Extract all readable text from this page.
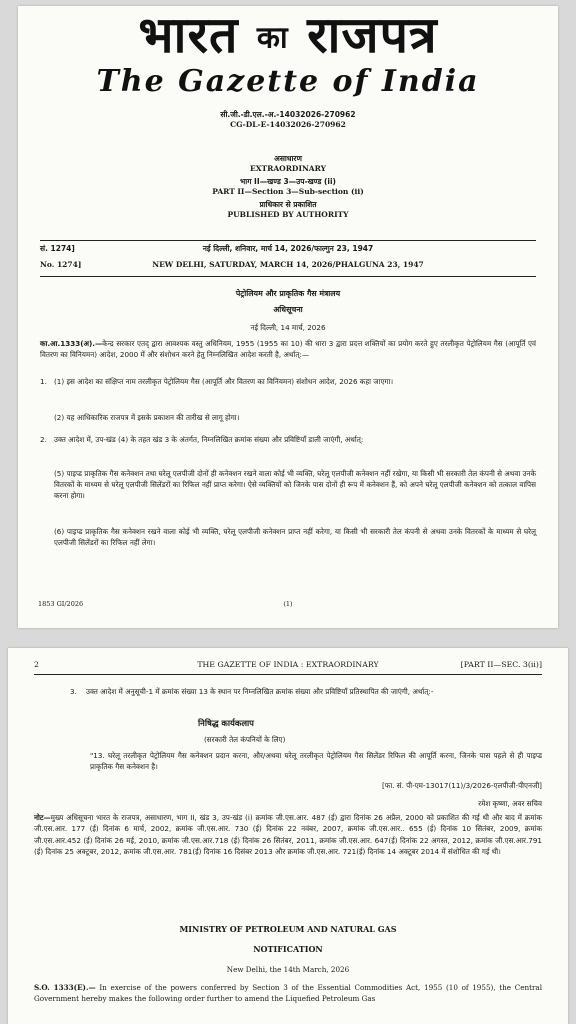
भारत का राजपत्र
The Gazette of India
सी.जी.-डी.एल.-अ.-14032026-270962
CG-DL-E-14032026-270962
असाधारण
EXTRAORDINARY
भाग II—खण्ड 3—उप-खण्ड (ii)
PART II—Section 3—Sub-section (ii)
प्राधिकार से प्रकाशित
PUBLISHED BY AUTHORITY
सं. 1274]	नई दिल्ली, शनिवार, मार्च 14, 2026/फाल्गुन 23, 1947
No. 1274]	NEW DELHI, SATURDAY, MARCH 14, 2026/PHALGUNA 23, 1947
पेट्रोलियम और प्राकृतिक गैस मंत्रालय
अधिसूचना
नई दिल्ली, 14 मार्च, 2026
का.आ.1333(अ).—केन्द्र सरकार एतद् द्वारा आवश्यक वस्तु अधिनियम, 1955 (1955 का 10) की धारा 3 द्वारा प्रदत्त शक्तियों का प्रयोग करते हुए तरलीकृत पेट्रोलियम गैस (आपूर्ति एवं वितरण का विनियमन) आदेश, 2000 में और संशोधन करने हेतु निम्नलिखित आदेश करती है, अर्थात्:—
1. (1) इस आदेश का संक्षिप्त नाम तरलीकृत पेट्रोलियम गैस (आपूर्ति और वितरण का विनियमन) संशोधन आदेश, 2026 कहा जाएगा।
(2) यह आधिकारिक राजपत्र में इसके प्रकाशन की तारीख से लागू होगा।
2. उक्त आदेश में, उप-खंड (4) के तहत खंड 3 के अंतर्गत, निम्नलिखित क्रमांक संख्या और प्रविष्टियाँ डाली जाएंगी, अर्थात्:
(5) पाइप्ड प्राकृतिक गैस कनेक्शन तथा घरेलू एलपीजी दोनों ही कनेक्शन रखने वाला कोई भी व्यक्ति, घरेलू एलपीजी कनेक्शन नहीं रखेगा, या किसी भी सरकारी तेल कंपनी से अथवा उनके वितरकों के माध्यम से घरेलू एलपीजी सिलेंडरों का रिफिल नहीं प्राप्त करेगा। ऐसे व्यक्तियों को जिनके पास दोनों ही रूप में कनेक्शन हैं, को अपने घरेलू एलपीजी कनेक्शन को तत्काल वापिस करना होगा।
(6) पाइप्ड प्राकृतिक गैस कनेक्शन रखने वाला कोई भी व्यक्ति, घरेलू एलपीजी कनेक्शन प्राप्त नहीं करेगा, या किसी भी सरकारी तेल कंपनी से अथवा उनके वितरकों के माध्यम से घरेलू एलपीजी सिलेंडरों का रिफिल नहीं लेगा।
1853 GI/2026	(1)
2	THE GAZETTE OF INDIA : EXTRAORDINARY	[PART II—SEC. 3(ii)]
3. उक्त आदेश में अनुसूची-1 में क्रमांक संख्या 13 के स्थान पर निम्नलिखित क्रमांक संख्या और प्रविष्टियाँ प्रतिस्थापित की जाएंगी, अर्थात्:-
निषिद्ध कार्यकलाप
(सरकारी तेल कंपनियों के लिए)
"13. घरेलू तरलीकृत पेट्रोलियम गैस कनेक्शन प्रदान करना, और/अथवा घरेलू तरलीकृत पेट्रोलियम गैस सिलेंडर रिफिल की आपूर्ति करना, जिनके पास पहले से ही पाइप्ड प्राकृतिक गैस कनेक्शन है।
[फा. सं. पी-एम-13017(11)/3/2026-एलपीजी-पीएनजी]
रमेश कृष्णा, अवर सचिव
नोट—मुख्य अधिसूचना भारत के राजपत्र, असाधारण, भाग II, खंड 3, उप-खंड (i) क्रमांक जी.एस.आर. 487 (ई) द्वारा दिनांक 26 अप्रैल, 2000 को प्रकाशित की गई थी और बाद में क्रमांक जी.एस.आर. 177 (ई) दिनांक 6 मार्च, 2002, क्रमांक जी.एस.आर. 730 (ई) दिनांक 22 नवंबर, 2007, क्रमांक जी.एस.आर.. 655 (ई) दिनांक 10 सितंबर, 2009, क्रमांक जी.एस.आर.452 (ई) दिनांक 26 मई, 2010, क्रमांक जी.एस.आर.718 (ई) दिनांक 26 सितंबर, 2011, क्रमांक जी.एस.आर. 647(ई) दिनांक 22 अगस्त, 2012, क्रमांक जी.एस.आर.791 (ई) दिनांक 25 अक्टूबर, 2012, क्रमांक जी.एस.आर. 781(ई) दिनांक 16 दिसंबर 2013 और क्रमांक जी.एस.आर. 721(ई) दिनांक 14 अक्टूबर 2014 में संशोधित की गई थी।
MINISTRY OF PETROLEUM AND NATURAL GAS
NOTIFICATION
New Delhi, the 14th March, 2026
S.O. 1333(E).— In exercise of the powers conferred by Section 3 of the Essential Commodities Act, 1955 (10 of 1955), the Central Government hereby makes the following order further to amend the Liquefied Petroleum Gas
